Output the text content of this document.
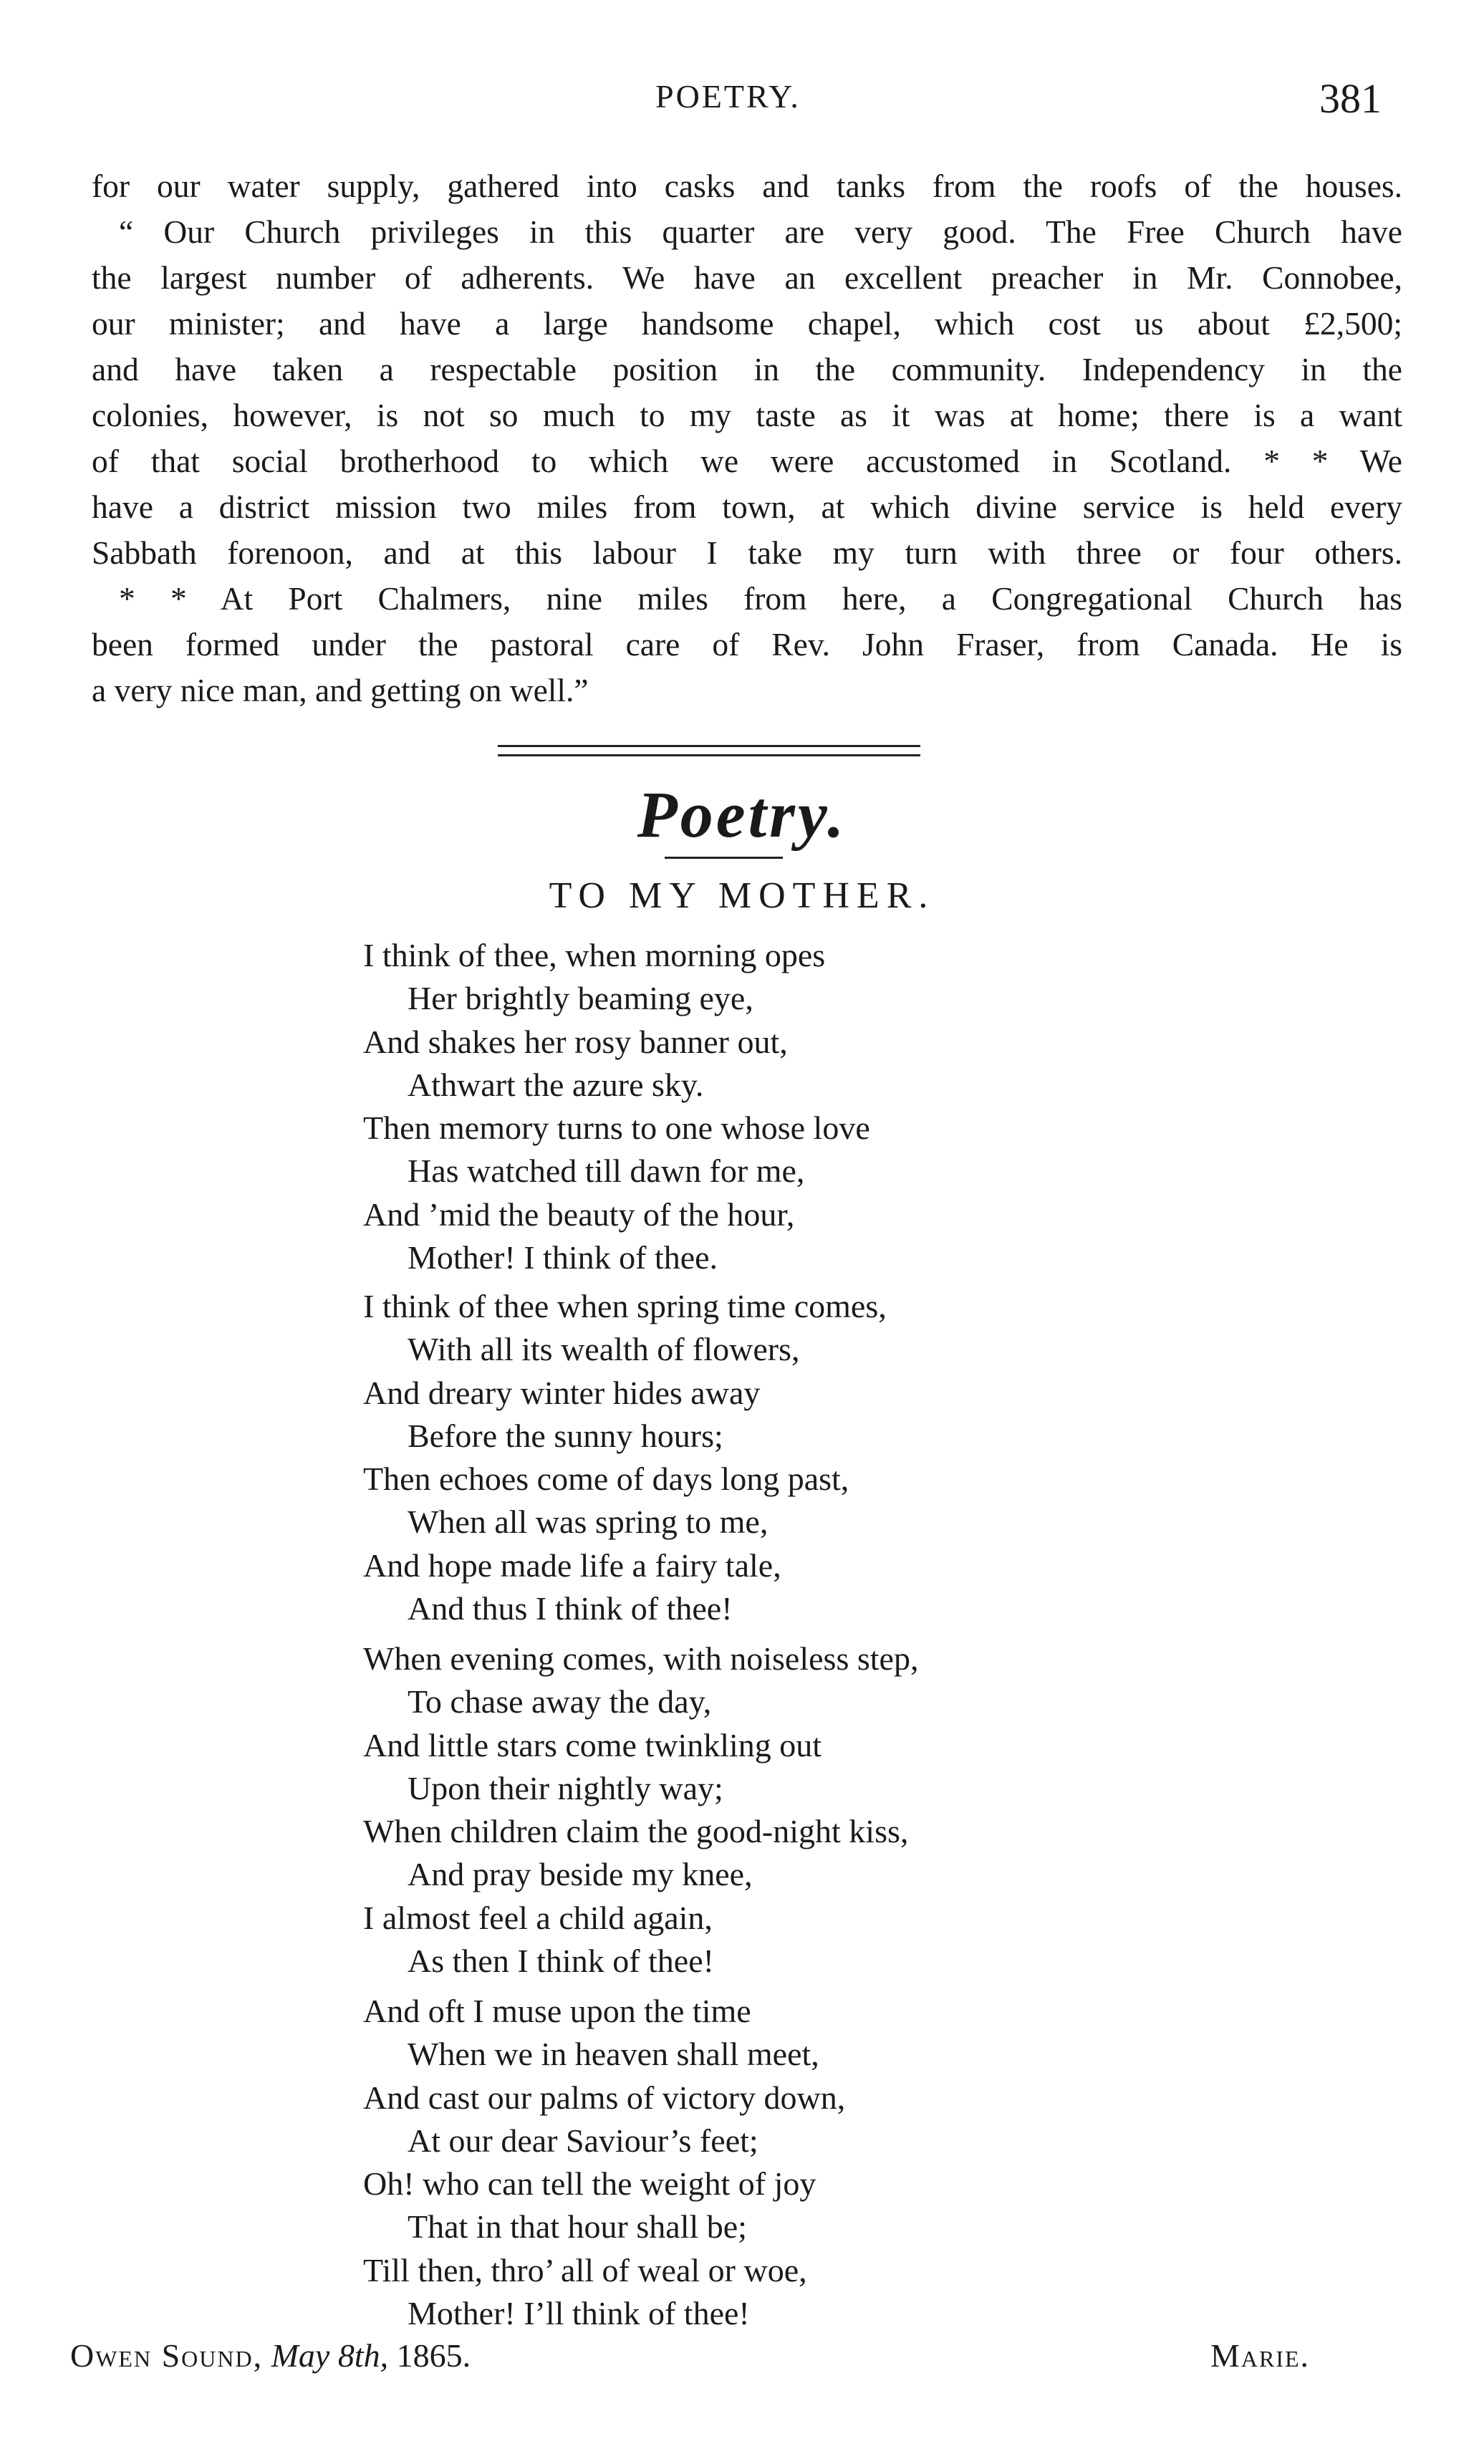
POETRY.	381
for our water supply, gathered into casks and tanks from the roofs of the houses.
“ Our Church privileges in this quarter are very good. The Free Church have
the largest number of adherents. We have an excellent preacher in Mr. Connobee,
our minister; and have a large handsome chapel, which cost us about £2,500;
and have taken a respectable position in the community. Independency in the
colonies, however, is not so much to my taste as it was at home; there is a want
of that social brotherhood to which we were accustomed in Scotland. * * We
have a district mission two miles from town, at which divine service is held every
Sabbath forenoon, and at this labour I take my turn with three or four others.
* * At Port Chalmers, nine miles from here, a Congregational Church has
been formed under the pastoral care of Rev. John Fraser, from Canada. He is
a very nice man, and getting on well.”
Poetry.
TO MY MOTHER.
I think of thee, when morning opes
Her brightly beaming eye,
And shakes her rosy banner out,
Athwart the azure sky.
Then memory turns to one whose love
Has watched till dawn for me,
And ’mid the beauty of the hour,
Mother! I think of thee.
I think of thee when spring time comes,
With all its wealth of flowers,
And dreary winter hides away
Before the sunny hours;
Then echoes come of days long past,
When all was spring to me,
And hope made life a fairy tale,
And thus I think of thee!
When evening comes, with noiseless step,
To chase away the day,
And little stars come twinkling out
Upon their nightly way;
When children claim the good-night kiss,
And pray beside my knee,
I almost feel a child again,
As then I think of thee!
And oft I muse upon the time
When we in heaven shall meet,
And cast our palms of victory down,
At our dear Saviour’s feet;
Oh! who can tell the weight of joy
That in that hour shall be;
Till then, thro’ all of weal or woe,
Mother! I’ll think of thee!
Owen Sound, May 8th, 1865.	Marie.
